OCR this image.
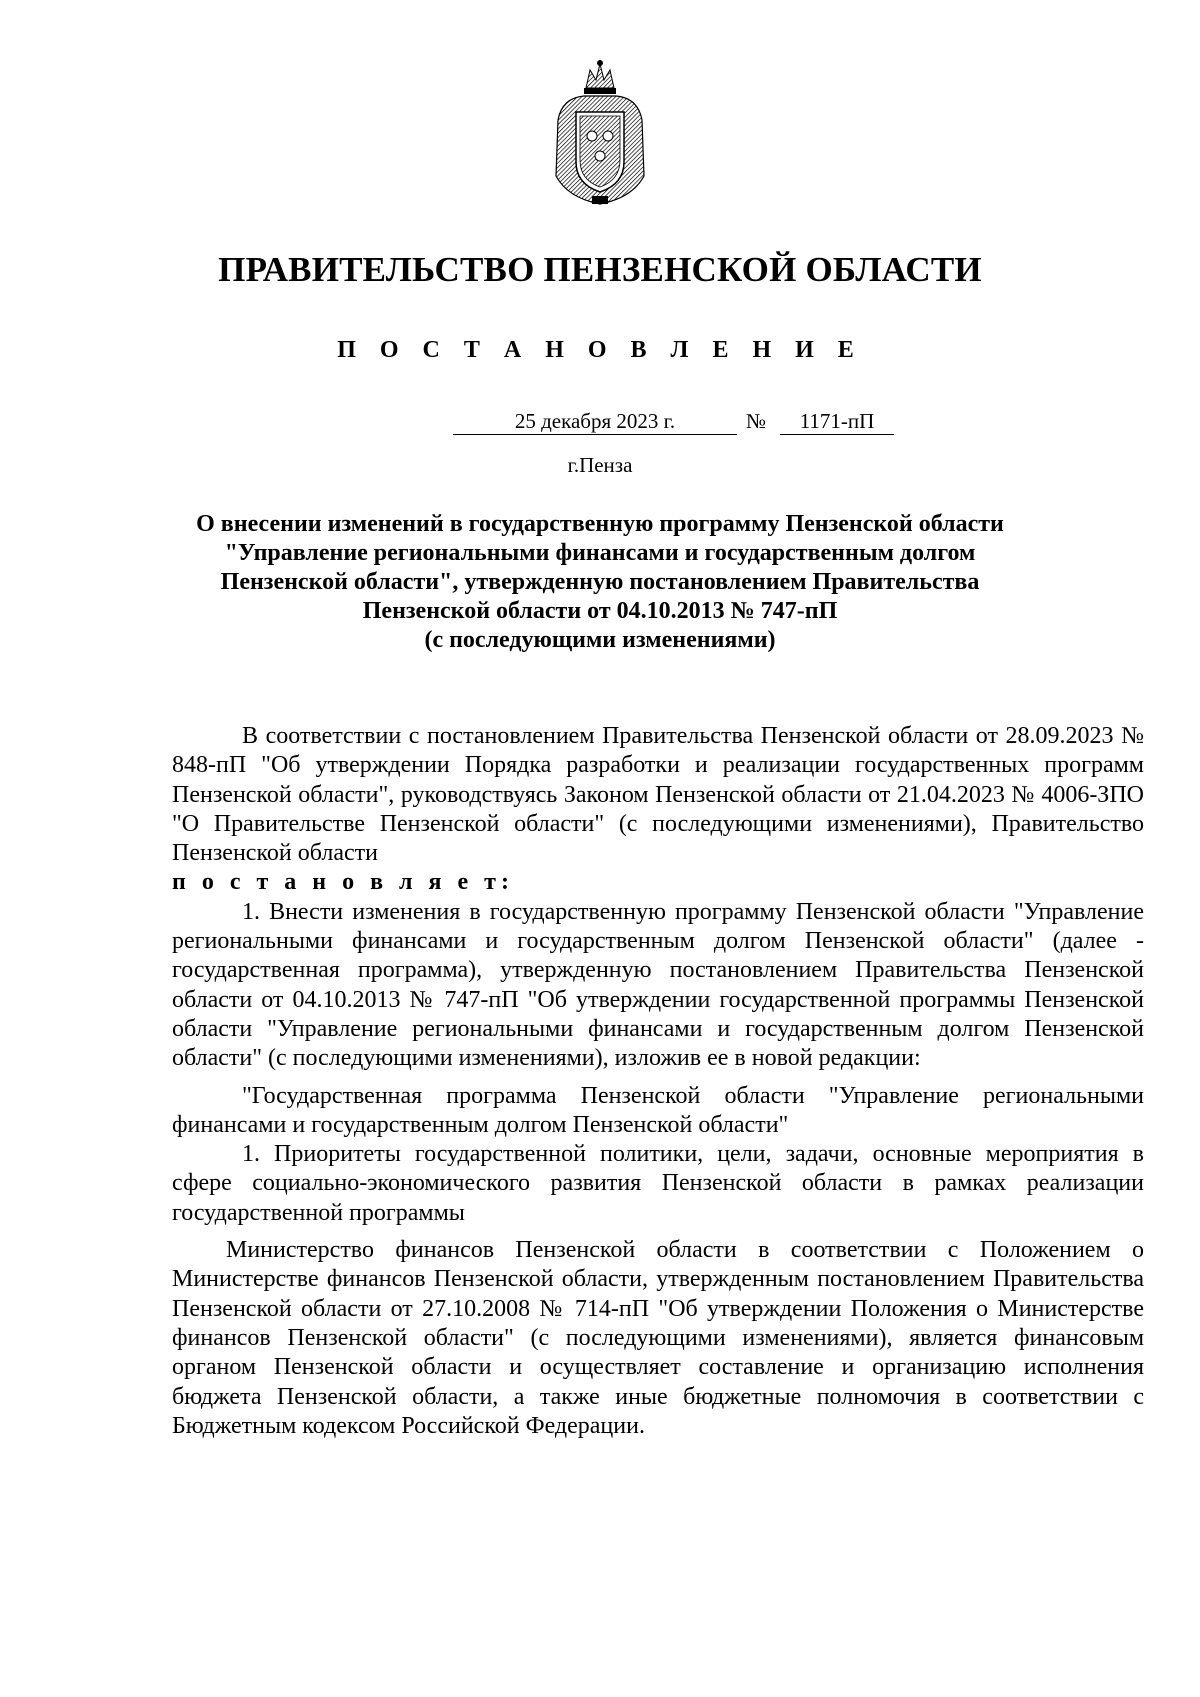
ПРАВИТЕЛЬСТВО ПЕНЗЕНСКОЙ ОБЛАСТИ
П О С Т А Н О В Л Е Н И Е
25 декабря 2023 г.	№	1171-пП
г.Пенза
О внесении изменений в государственную программу Пензенской области
"Управление региональными финансами и государственным долгом
Пензенской области", утвержденную постановлением Правительства
Пензенской области от 04.10.2013 № 747-пП
(с последующими изменениями)

В соответствии с постановлением Правительства Пензенской области от 28.09.2023 № 848-пП "Об утверждении Порядка разработки и реализации государственных программ Пензенской области", руководствуясь Законом Пензенской области от 21.04.2023 № 4006-ЗПО "О Правительстве Пензенской области" (с последующими изменениями), Правительство Пензенской области
п о с т а н о в л я е т:

1. Внести изменения в государственную программу Пензенской области "Управление региональными финансами и государственным долгом Пензенской области" (далее - государственная программа), утвержденную постановлением Правительства Пензенской области от 04.10.2013 № 747-пП "Об утверждении государственной программы Пензенской области "Управление региональными финансами и государственным долгом Пензенской области" (с последующими изменениями), изложив ее в новой редакции:

"Государственная программа Пензенской области "Управление региональными финансами и государственным долгом Пензенской области"

1. Приоритеты государственной политики, цели, задачи, основные мероприятия в сфере социально-экономического развития Пензенской области в рамках реализации государственной программы

Министерство финансов Пензенской области в соответствии с Положением о Министерстве финансов Пензенской области, утвержденным постановлением Правительства Пензенской области от 27.10.2008 № 714-пП "Об утверждении Положения о Министерстве финансов Пензенской области" (с последующими изменениями), является финансовым органом Пензенской области и осуществляет составление и организацию исполнения бюджета Пензенской области, а также иные бюджетные полномочия в соответствии с Бюджетным кодексом Российской Федерации.
